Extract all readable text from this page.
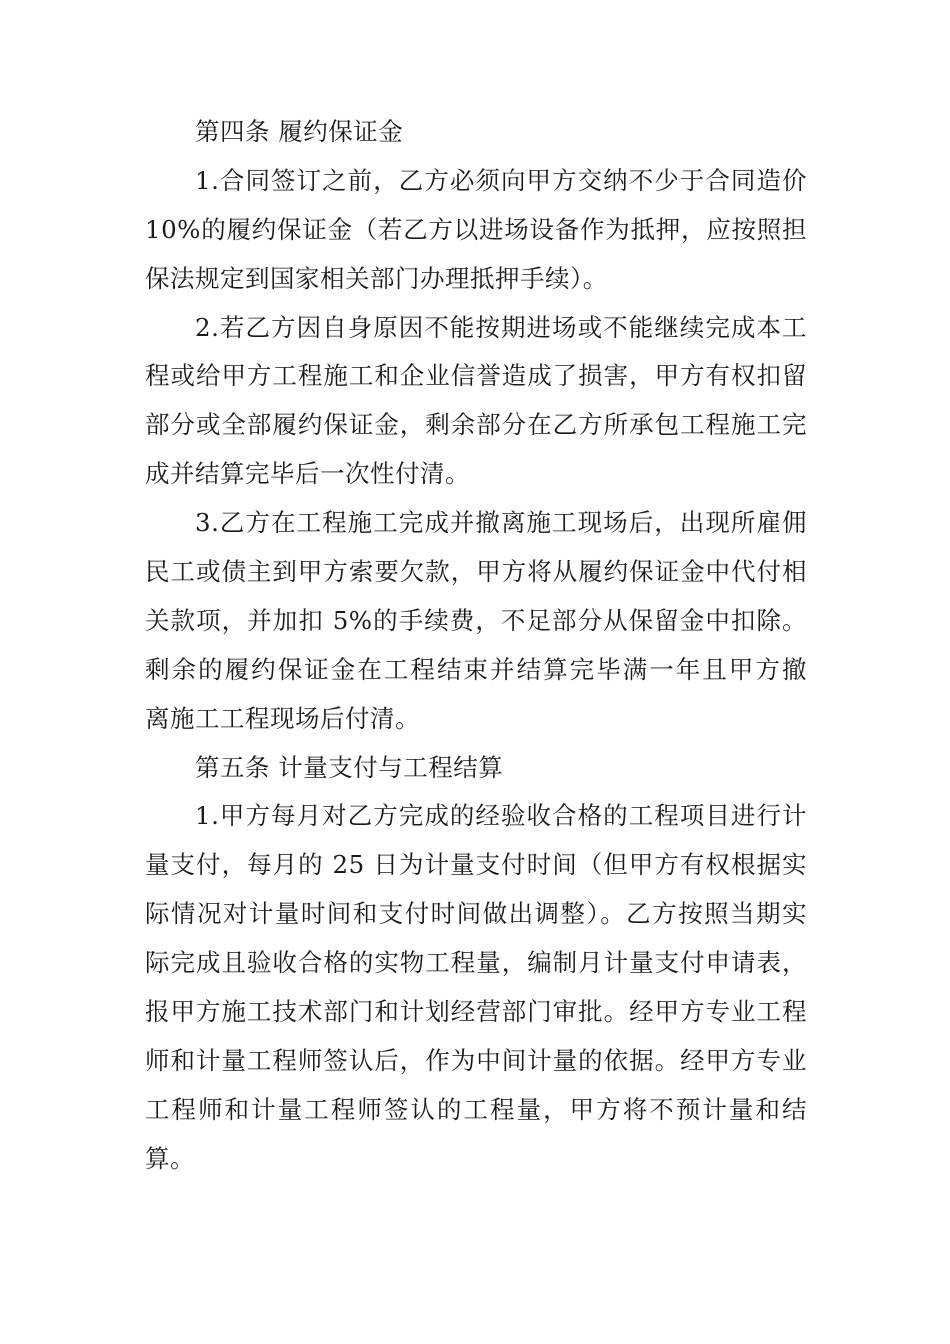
第四条 履约保证金
1.合同签订之前，乙方必须向甲方交纳不少于合同造价
10%的履约保证金（若乙方以进场设备作为抵押，应按照担
保法规定到国家相关部门办理抵押手续）。
2.若乙方因自身原因不能按期进场或不能继续完成本工
程或给甲方工程施工和企业信誉造成了损害，甲方有权扣留
部分或全部履约保证金，剩余部分在乙方所承包工程施工完
成并结算完毕后一次性付清。
3.乙方在工程施工完成并撤离施工现场后，出现所雇佣
民工或债主到甲方索要欠款，甲方将从履约保证金中代付相
关款项，并加扣 5%的手续费，不足部分从保留金中扣除。
剩余的履约保证金在工程结束并结算完毕满一年且甲方撤
离施工工程现场后付清。
第五条 计量支付与工程结算
1.甲方每月对乙方完成的经验收合格的工程项目进行计
量支付，每月的 25 日为计量支付时间（但甲方有权根据实
际情况对计量时间和支付时间做出调整）。乙方按照当期实
际完成且验收合格的实物工程量，编制月计量支付申请表，
报甲方施工技术部门和计划经营部门审批。经甲方专业工程
师和计量工程师签认后，作为中间计量的依据。经甲方专业
工程师和计量工程师签认的工程量，甲方将不预计量和结
算。
